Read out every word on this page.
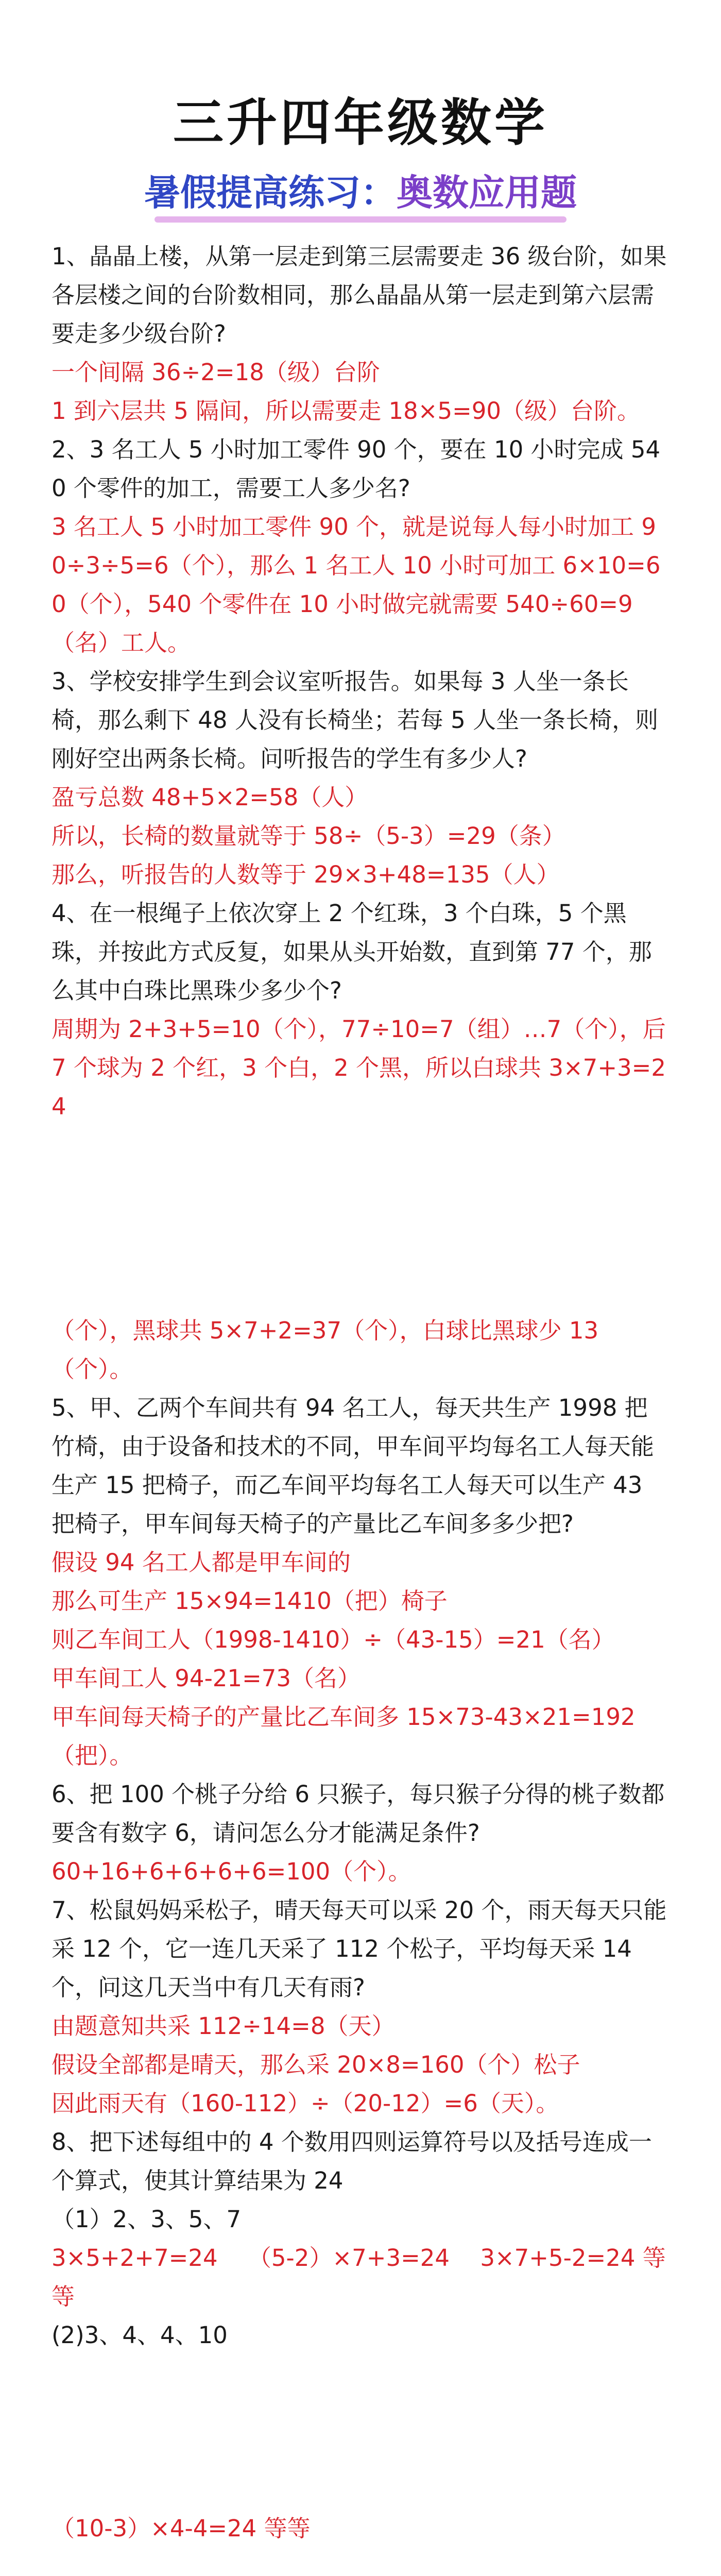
三升四年级数学
暑假提高练习：奥数应用题
1、晶晶上楼，从第一层走到第三层需要走 36 级台阶，如果各层楼之间的台阶数相同，那么晶晶从第一层走到第六层需要走多少级台阶?
一个间隔 36÷2=18（级）台阶
1 到六层共 5 隔间，所以需要走 18×5=90（级）台阶。
2、3 名工人 5 小时加工零件 90 个，要在 10 小时完成 540 个零件的加工，需要工人多少名?
3 名工人 5 小时加工零件 90 个，就是说每人每小时加工 90÷3÷5=6（个），那么 1 名工人 10 小时可加工 6×10=60（个），540 个零件在 10 小时做完就需要 540÷60=9（名）工人。
3、学校安排学生到会议室听报告。如果每 3 人坐一条长椅，那么剩下 48 人没有长椅坐；若每 5 人坐一条长椅，则刚好空出两条长椅。问听报告的学生有多少人?
盈亏总数 48+5×2=58（人）
所以，长椅的数量就等于 58÷（5-3）=29（条）
那么，听报告的人数等于 29×3+48=135（人）
4、在一根绳子上依次穿上 2 个红珠，3 个白珠，5 个黑珠，并按此方式反复，如果从头开始数，直到第 77 个，那么其中白珠比黑珠少多少个?
周期为 2+3+5=10（个），77÷10=7（组）…7（个），后 7 个球为 2 个红，3 个白，2 个黑，所以白球共 3×7+3=24
（个），黑球共 5×7+2=37（个），白球比黑球少 13（个）。
5、甲、乙两个车间共有 94 名工人，每天共生产 1998 把竹椅，由于设备和技术的不同，甲车间平均每名工人每天能生产 15 把椅子，而乙车间平均每名工人每天可以生产 43 把椅子，甲车间每天椅子的产量比乙车间多多少把?
假设 94 名工人都是甲车间的
那么可生产 15×94=1410（把）椅子
则乙车间工人（1998-1410）÷（43-15）=21（名）
甲车间工人 94-21=73（名）
甲车间每天椅子的产量比乙车间多 15×73-43×21=192（把）。
6、把 100 个桃子分给 6 只猴子，每只猴子分得的桃子数都要含有数字 6，请问怎么分才能满足条件?
60+16+6+6+6+6=100（个）。
7、松鼠妈妈采松子，晴天每天可以采 20 个，雨天每天只能采 12 个，它一连几天采了 112 个松子，平均每天采 14 个，问这几天当中有几天有雨?
由题意知共采 112÷14=8（天）
假设全部都是晴天，那么采 20×8=160（个）松子
因此雨天有（160-112）÷（20-12）=6（天）。
8、把下述每组中的 4 个数用四则运算符号以及括号连成一个算式，使其计算结果为 24
（1）2、3、5、7
3×5+2+7=24　 （5-2）×7+3=24　 3×7+5-2=24 等等
(2)3、4、4、10
（10-3）×4-4=24 等等
